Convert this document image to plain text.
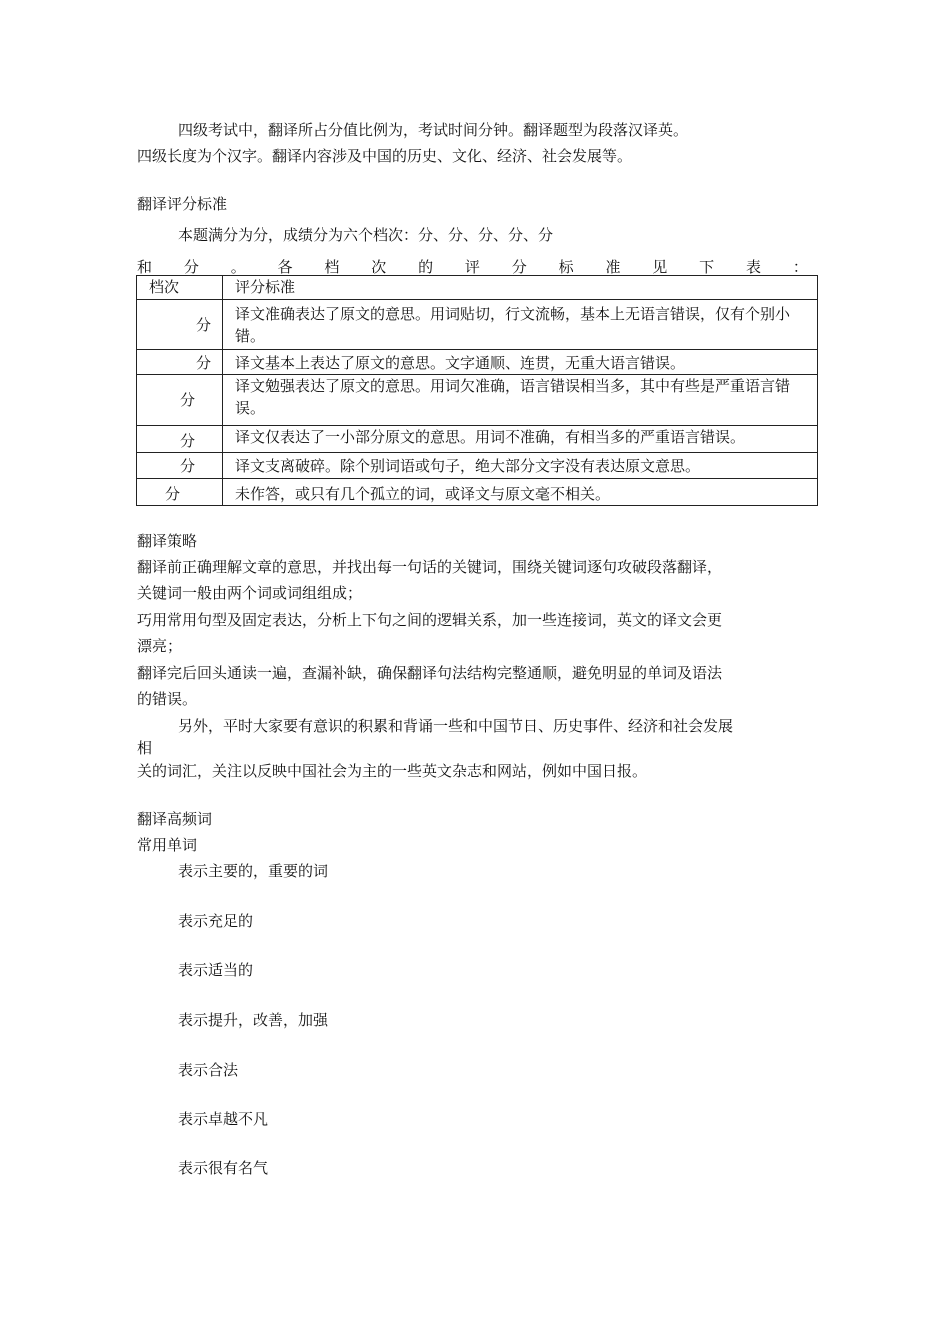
四级考试中，翻译所占分值比例为，考试时间分钟。翻译题型为段落汉译英。
四级长度为个汉字。翻译内容涉及中国的历史、文化、经济、社会发展等。
翻译评分标准
本题满分为分，成绩分为六个档次：分、分、分、分、分
和 分 。 各 档 次 的 评 分 标 准 见 下 表 ：
档次	评分标准
分	译文准确表达了原文的意思。用词贴切，行文流畅，基本上无语言错误，仅有个别小错。
分	译文基本上表达了原文的意思。文字通顺、连贯，无重大语言错误。
分	译文勉强表达了原文的意思。用词欠准确，语言错误相当多，其中有些是严重语言错误。
分	译文仅表达了一小部分原文的意思。用词不准确，有相当多的严重语言错误。

分	译文支离破碎。除个别词语或句子，绝大部分文字没有表达原文意思。
分	未作答，或只有几个孤立的词，或译文与原文毫不相关。
翻译策略
翻译前正确理解文章的意思，并找出每一句话的关键词，围绕关键词逐句攻破段落翻译，
关键词一般由两个词或词组组成；
巧用常用句型及固定表达，分析上下句之间的逻辑关系，加一些连接词，英文的译文会更
漂亮；
翻译完后回头通读一遍，查漏补缺，确保翻译句法结构完整通顺，避免明显的单词及语法
的错误。
另外，平时大家要有意识的积累和背诵一些和中国节日、历史事件、经济和社会发展
相
关的词汇，关注以反映中国社会为主的一些英文杂志和网站，例如中国日报。
翻译高频词
常用单词
表示主要的，重要的词
表示充足的
表示适当的
表示提升，改善，加强
表示合法
表示卓越不凡
表示很有名气
